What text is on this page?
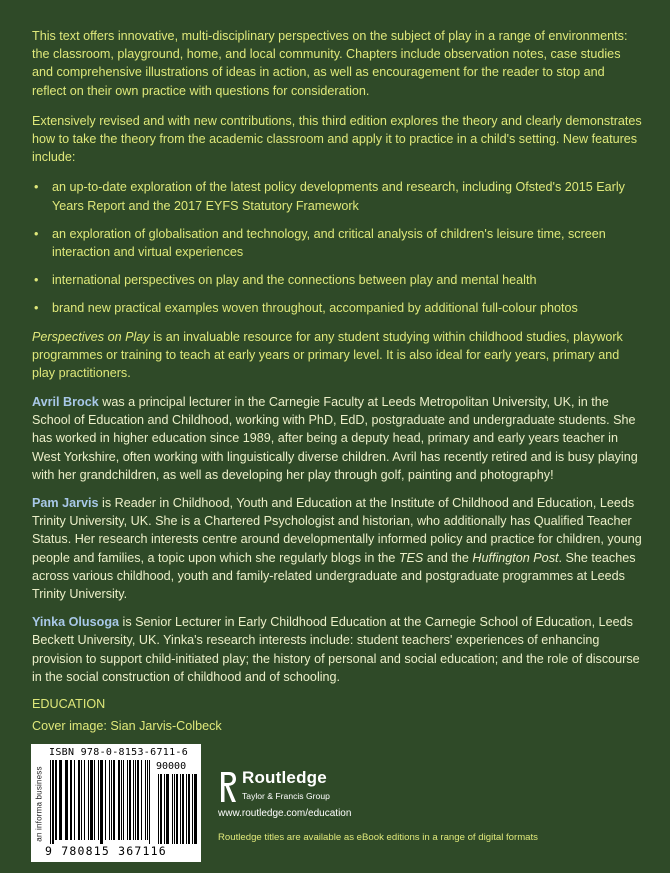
This text offers innovative, multi-disciplinary perspectives on the subject of play in a range of environments: the classroom, playground, home, and local community. Chapters include observation notes, case studies and comprehensive illustrations of ideas in action, as well as encouragement for the reader to stop and reflect on their own practice with questions for consideration.

Extensively revised and with new contributions, this third edition explores the theory and clearly demonstrates how to take the theory from the academic classroom and apply it to practice in a child's setting. New features include:

• an up-to-date exploration of the latest policy developments and research, including Ofsted's 2015 Early Years Report and the 2017 EYFS Statutory Framework
• an exploration of globalisation and technology, and critical analysis of children's leisure time, screen interaction and virtual experiences
• international perspectives on play and the connections between play and mental health
• brand new practical examples woven throughout, accompanied by additional full-colour photos

Perspectives on Play is an invaluable resource for any student studying within childhood studies, playwork programmes or training to teach at early years or primary level. It is also ideal for early years, primary and play practitioners.

Avril Brock was a principal lecturer in the Carnegie Faculty at Leeds Metropolitan University, UK, in the School of Education and Childhood, working with PhD, EdD, postgraduate and undergraduate students. She has worked in higher education since 1989, after being a deputy head, primary and early years teacher in West Yorkshire, often working with linguistically diverse children. Avril has recently retired and is busy playing with her grandchildren, as well as developing her play through golf, painting and photography!

Pam Jarvis is Reader in Childhood, Youth and Education at the Institute of Childhood and Education, Leeds Trinity University, UK. She is a Chartered Psychologist and historian, who additionally has Qualified Teacher Status. Her research interests centre around developmentally informed policy and practice for children, young people and families, a topic upon which she regularly blogs in the TES and the Huffington Post. She teaches across various childhood, youth and family-related undergraduate and postgraduate programmes at Leeds Trinity University.

Yinka Olusoga is Senior Lecturer in Early Childhood Education at the Carnegie School of Education, Leeds Beckett University, UK. Yinka's research interests include: student teachers' experiences of enhancing provision to support child-initiated play; the history of personal and social education; and the role of discourse in the social construction of childhood and of schooling.

EDUCATION
Cover image: Sian Jarvis-Colbeck
an informa business
ISBN 978-0-8153-6711-6
90000
9 780815 367116
Routledge
Taylor & Francis Group
www.routledge.com/education
Routledge titles are available as eBook editions in a range of digital formats
